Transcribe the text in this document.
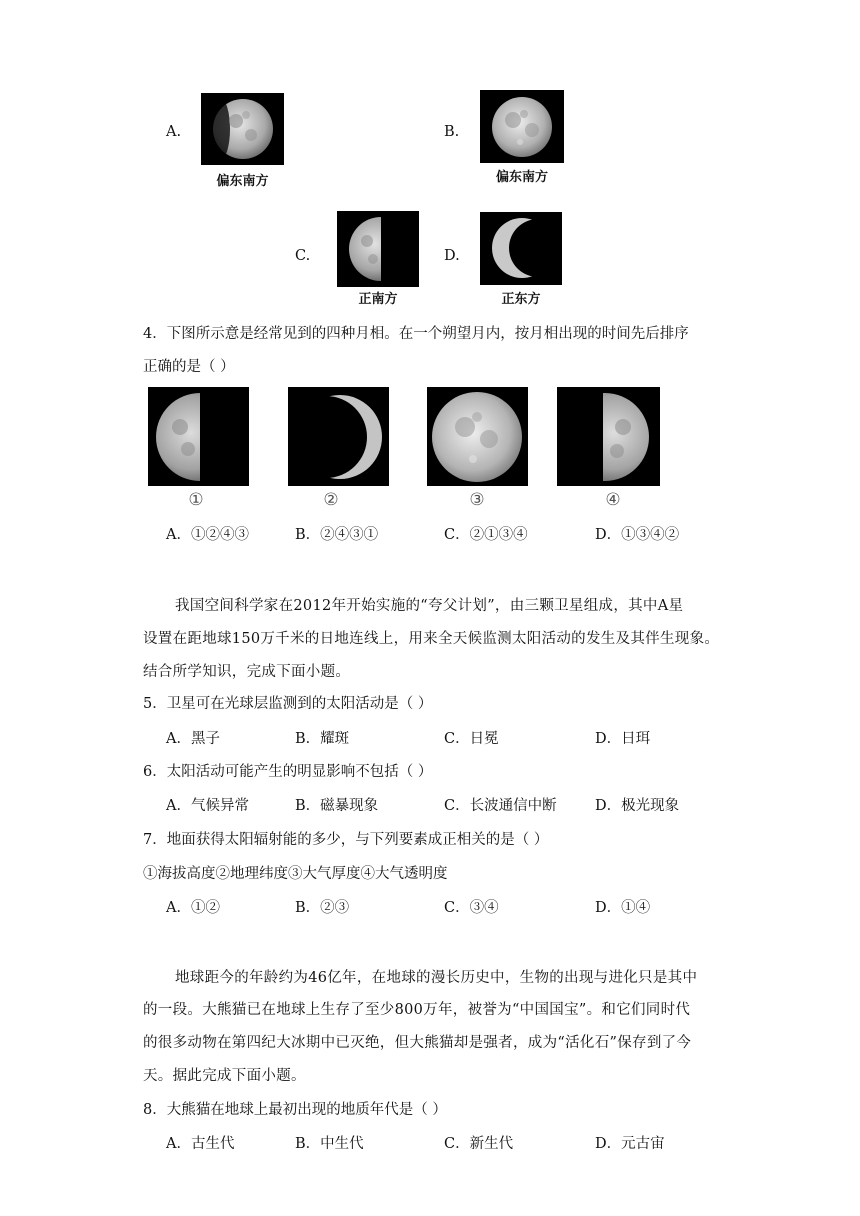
A.
偏东南方
B.
偏东南方
C.
正南方
D.
正东方
4．下图所示意是经常见到的四种月相。在一个朔望月内，按月相出现的时间先后排序
正确的是（ ）
①	②	③	④
A．①②④③	B．②④③①	C．②①③④	D．①③④②
我国空间科学家在2012年开始实施的“夸父计划”，由三颗卫星组成，其中A星
设置在距地球150万千米的日地连线上，用来全天候监测太阳活动的发生及其伴生现象。
结合所学知识，完成下面小题。
5．卫星可在光球层监测到的太阳活动是（ ）
A．黑子	B．耀斑	C．日冕	D．日珥
6．太阳活动可能产生的明显影响不包括（ ）
A．气候异常	B．磁暴现象	C．长波通信中断	D．极光现象
7．地面获得太阳辐射能的多少，与下列要素成正相关的是（ ）
①海拔高度②地理纬度③大气厚度④大气透明度
A．①②	B．②③	C．③④	D．①④
地球距今的年龄约为46亿年，在地球的漫长历史中，生物的出现与进化只是其中
的一段。大熊猫已在地球上生存了至少800万年，被誉为“中国国宝”。和它们同时代
的很多动物在第四纪大冰期中已灭绝，但大熊猫却是强者，成为“活化石”保存到了今
天。据此完成下面小题。
8．大熊猫在地球上最初出现的地质年代是（ ）
A．古生代	B．中生代	C．新生代	D．元古宙
